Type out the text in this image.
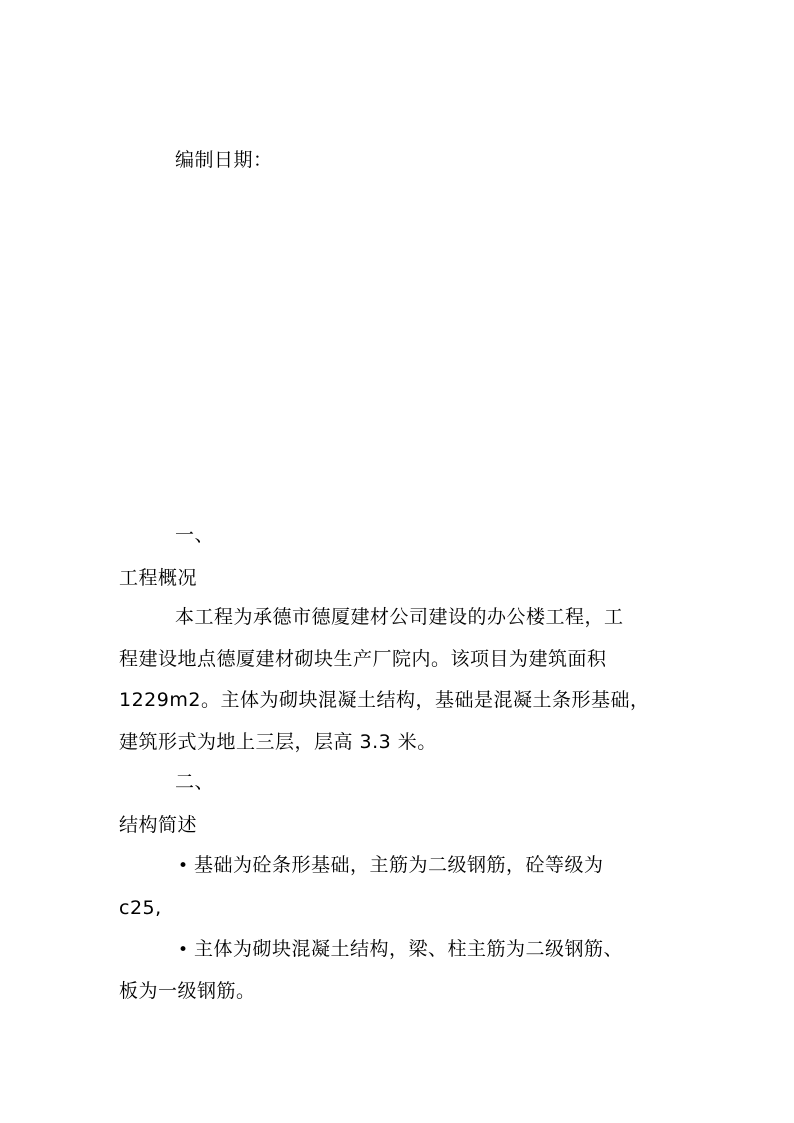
编制日期：
一、
工程概况
本工程为承德市德厦建材公司建设的办公楼工程，工
程建设地点德厦建材砌块生产厂院内。该项目为建筑面积
1229m2。主体为砌块混凝土结构，基础是混凝土条形基础，
建筑形式为地上三层，层高 3.3 米。
二、
结构简述
• 基础为砼条形基础，主筋为二级钢筋，砼等级为
c25,
• 主体为砌块混凝土结构，梁、柱主筋为二级钢筋、
板为一级钢筋。
